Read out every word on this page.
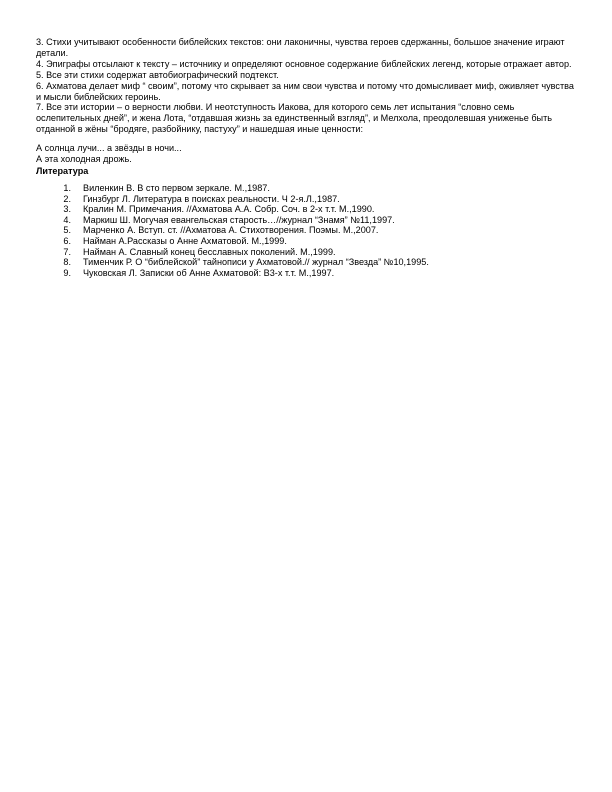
3. Стихи учитывают особенности библейских текстов: они лаконичны, чувства героев сдержанны, большое значение играют детали.

4. Эпиграфы отсылают к тексту – источнику и определяют основное содержание библейских легенд, которые отражает автор.

5. Все эти стихи содержат автобиографический подтекст.

6. Ахматова делает миф “ своим”, потому что скрывает за ним свои чувства и потому что домысливает миф, оживляет чувства и мысли библейских героинь.

7. Все эти истории – о верности любви. И неотступность Иакова, для которого семь лет испытания “словно семь ослепительных дней”, и жена Лота, “отдавшая жизнь за единственный взгляд”, и Мелхола, преодолевшая униженье быть отданной в жёны “бродяге, разбойнику, пастуху” и нашедшая иные ценности:

А солнца лучи... а звёзды в ночи...

А эта холодная дрожь.

Литература

1.	Виленкин В. В сто первом зеркале. М.,1987.
2.	Гинзбург Л. Литература в поисках реальности. Ч 2-я.Л.,1987.
3.	Кралин М. Примечания. //Ахматова А.А. Собр. Соч. в 2-х т.т. М.,1990.
4.	Маркиш Ш. Могучая евангельская старость…//журнал “Знамя” №11,1997.
5.	Марченко А. Вступ. ст. //Ахматова А. Стихотворения. Поэмы. М.,2007.
6.	Найман А.Рассказы о Анне Ахматовой. М.,1999.
7.	Найман А. Славный конец бесславных поколений. М.,1999.
8.	Тименчик Р. О “библейской” тайнописи у Ахматовой.// журнал “Звезда” №10,1995.
9.	Чуковская Л. Записки об Анне Ахматовой: В3-х т.т. М.,1997.
